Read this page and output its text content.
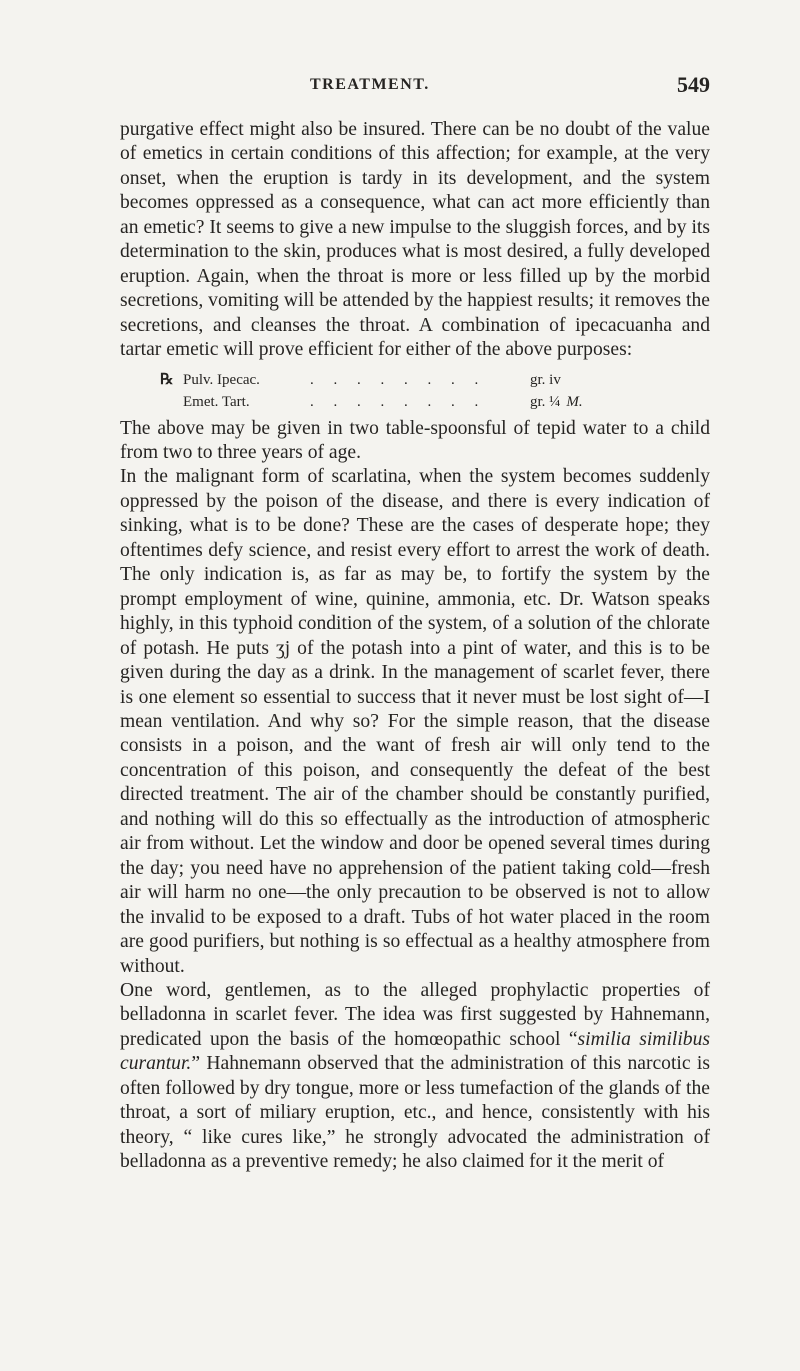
TREATMENT.	549

purgative effect might also be insured. There can be no doubt of the value of emetics in certain conditions of this affection; for example, at the very onset, when the eruption is tardy in its development, and the system becomes oppressed as a consequence, what can act more efficiently than an emetic? It seems to give a new impulse to the sluggish forces, and by its determination to the skin, produces what is most desired, a fully developed eruption. Again, when the throat is more or less filled up by the morbid secretions, vomiting will be attended by the happiest results; it removes the secretions, and cleanses the throat. A combination of ipecacuanha and tartar emetic will prove efficient for either of the above purposes:

℞ Pulv. Ipecac.	. . . . . . . .	gr. iv
Emet. Tart.	. . . . . . . .	gr. ¼ M.

The above may be given in two table-spoonsful of tepid water to a child from two to three years of age.

In the malignant form of scarlatina, when the system becomes suddenly oppressed by the poison of the disease, and there is every indication of sinking, what is to be done? These are the cases of desperate hope; they oftentimes defy science, and resist every effort to arrest the work of death. The only indication is, as far as may be, to fortify the system by the prompt employment of wine, quinine, ammonia, etc. Dr. Watson speaks highly, in this typhoid condition of the system, of a solution of the chlorate of potash. He puts ʒj of the potash into a pint of water, and this is to be given during the day as a drink. In the management of scarlet fever, there is one element so essential to success that it never must be lost sight of—I mean ventilation. And why so? For the simple reason, that the disease consists in a poison, and the want of fresh air will only tend to the concentration of this poison, and consequently the defeat of the best directed treatment. The air of the chamber should be constantly purified, and nothing will do this so effectually as the introduction of atmospheric air from without. Let the window and door be opened several times during the day; you need have no apprehension of the patient taking cold—fresh air will harm no one—the only precaution to be observed is not to allow the invalid to be exposed to a draft. Tubs of hot water placed in the room are good purifiers, but nothing is so effectual as a healthy atmosphere from without.

One word, gentlemen, as to the alleged prophylactic properties of belladonna in scarlet fever. The idea was first suggested by Hahnemann, predicated upon the basis of the homœopathic school “similia similibus curantur.” Hahnemann observed that the administration of this narcotic is often followed by dry tongue, more or less tumefaction of the glands of the throat, a sort of miliary eruption, etc., and hence, consistently with his theory, “ like cures like,” he strongly advocated the administration of belladonna as a preventive remedy; he also claimed for it the merit of
